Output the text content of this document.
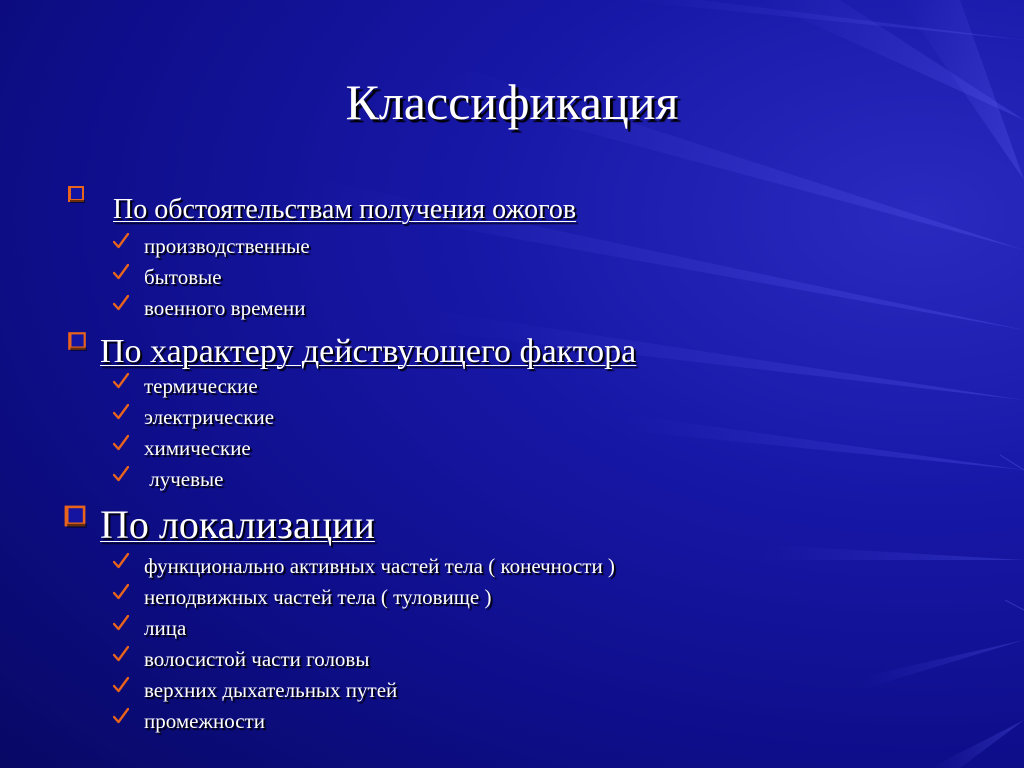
Классификация
По обстоятельствам получения ожогов
производственные
бытовые
военного времени
По характеру действующего фактора
термические
электрические
химические
лучевые
По локализации
функционально активных частей тела ( конечности )
неподвижных частей тела ( туловище )
лица
волосистой части головы
верхних дыхательных путей
промежности
